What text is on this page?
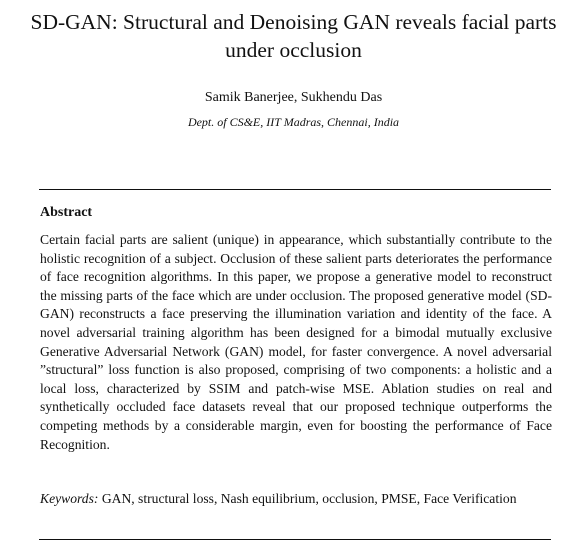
SD-GAN: Structural and Denoising GAN reveals facial parts under occlusion
Samik Banerjee, Sukhendu Das
Dept. of CS&E, IIT Madras, Chennai, India
Abstract

Certain facial parts are salient (unique) in appearance, which substantially contribute to the holistic recognition of a subject. Occlusion of these salient parts deteriorates the performance of face recognition algorithms. In this paper, we propose a generative model to reconstruct the missing parts of the face which are under occlusion. The proposed generative model (SD-GAN) reconstructs a face preserving the illumination variation and identity of the face. A novel adversarial training algorithm has been designed for a bimodal mutually exclusive Generative Adversarial Network (GAN) model, for faster convergence. A novel adversarial ”structural” loss function is also proposed, comprising of two components: a holistic and a local loss, characterized by SSIM and patch-wise MSE. Ablation studies on real and synthetically occluded face datasets reveal that our proposed technique outperforms the competing methods by a considerable margin, even for boosting the performance of Face Recognition.

Keywords: GAN, structural loss, Nash equilibrium, occlusion, PMSE, Face Verification
